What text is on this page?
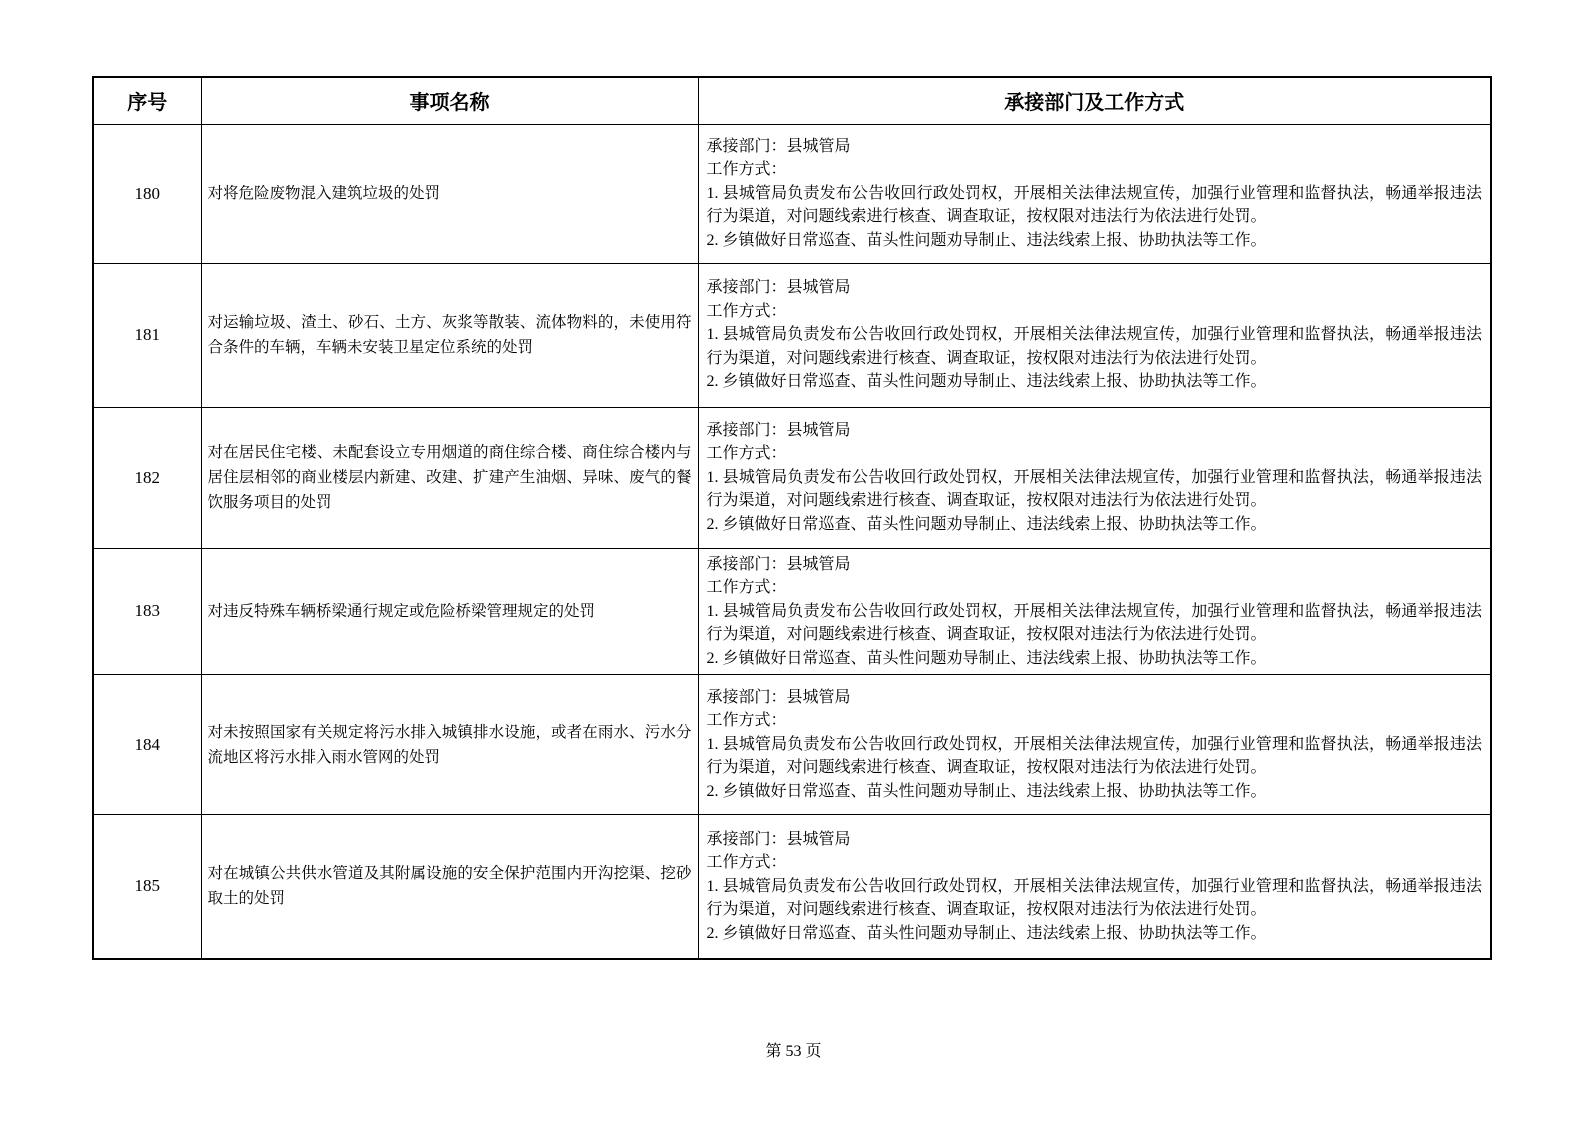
序号	事项名称	承接部门及工作方式
180	对将危险废物混入建筑垃圾的处罚	承接部门：县城管局
工作方式：
1. 县城管局负责发布公告收回行政处罚权，开展相关法律法规宣传，加强行业管理和监督执法，畅通举报违法行为渠道，对问题线索进行核查、调查取证，按权限对违法行为依法进行处罚。
2. 乡镇做好日常巡查、苗头性问题劝导制止、违法线索上报、协助执法等工作。

181	对运输垃圾、渣土、砂石、土方、灰浆等散装、流体物料的，未使用符合条件的车辆，车辆未安装卫星定位系统的处罚	承接部门：县城管局
工作方式：
1. 县城管局负责发布公告收回行政处罚权，开展相关法律法规宣传，加强行业管理和监督执法，畅通举报违法行为渠道，对问题线索进行核查、调查取证，按权限对违法行为依法进行处罚。
2. 乡镇做好日常巡查、苗头性问题劝导制止、违法线索上报、协助执法等工作。

182	对在居民住宅楼、未配套设立专用烟道的商住综合楼、商住综合楼内与居住层相邻的商业楼层内新建、改建、扩建产生油烟、异味、废气的餐饮服务项目的处罚	承接部门：县城管局
工作方式：
1. 县城管局负责发布公告收回行政处罚权，开展相关法律法规宣传，加强行业管理和监督执法，畅通举报违法行为渠道，对问题线索进行核查、调查取证，按权限对违法行为依法进行处罚。
2. 乡镇做好日常巡查、苗头性问题劝导制止、违法线索上报、协助执法等工作。

183	对违反特殊车辆桥梁通行规定或危险桥梁管理规定的处罚	承接部门：县城管局
工作方式：
1. 县城管局负责发布公告收回行政处罚权，开展相关法律法规宣传，加强行业管理和监督执法，畅通举报违法行为渠道，对问题线索进行核查、调查取证，按权限对违法行为依法进行处罚。
2. 乡镇做好日常巡查、苗头性问题劝导制止、违法线索上报、协助执法等工作。

184	对未按照国家有关规定将污水排入城镇排水设施，或者在雨水、污水分流地区将污水排入雨水管网的处罚	承接部门：县城管局
工作方式：
1. 县城管局负责发布公告收回行政处罚权，开展相关法律法规宣传，加强行业管理和监督执法，畅通举报违法行为渠道，对问题线索进行核查、调查取证，按权限对违法行为依法进行处罚。
2. 乡镇做好日常巡查、苗头性问题劝导制止、违法线索上报、协助执法等工作。

185	对在城镇公共供水管道及其附属设施的安全保护范围内开沟挖渠、挖砂取土的处罚	承接部门：县城管局
工作方式：
1. 县城管局负责发布公告收回行政处罚权，开展相关法律法规宣传，加强行业管理和监督执法，畅通举报违法行为渠道，对问题线索进行核查、调查取证，按权限对违法行为依法进行处罚。
2. 乡镇做好日常巡查、苗头性问题劝导制止、违法线索上报、协助执法等工作。
第 53 页
